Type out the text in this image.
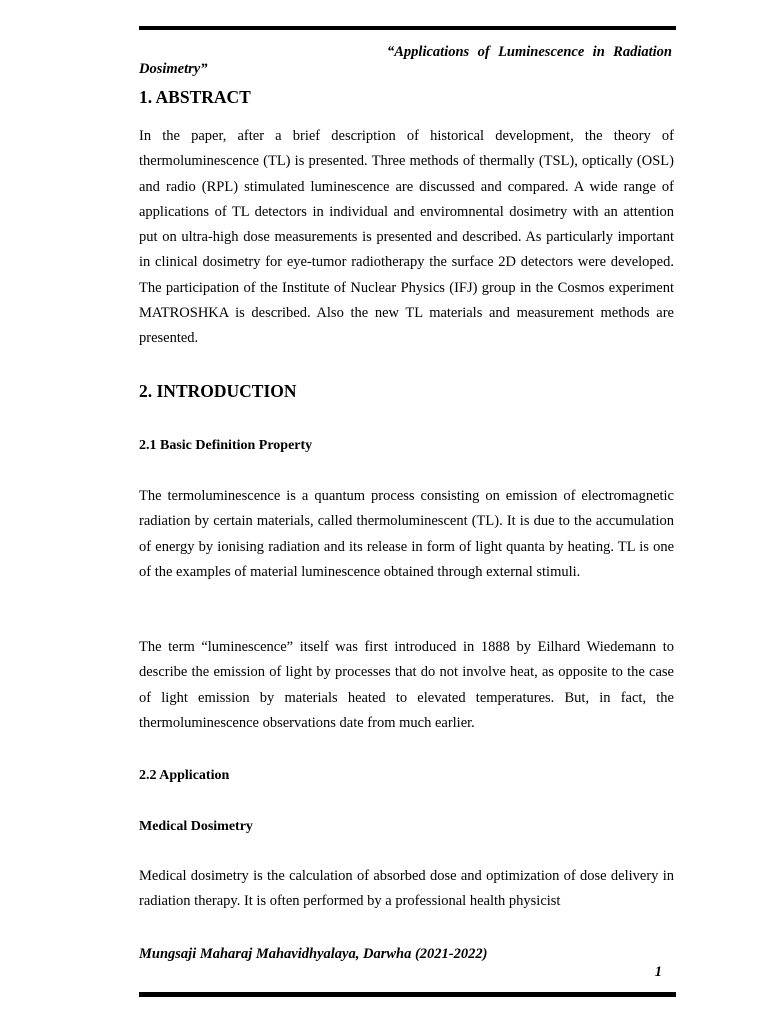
“Applications of Luminescence in Radiation Dosimetry”
1. ABSTRACT
In the paper, after a brief description of historical development, the theory of thermoluminescence (TL) is presented. Three methods of thermally (TSL), optically (OSL) and radio (RPL) stimulated luminescence are discussed and compared. A wide range of applications of TL detectors in individual and enviromnental dosimetry with an attention put on ultra-high dose measurements is presented and described. As particularly important in clinical dosimetry for eye-tumor radiotherapy the surface 2D detectors were developed. The participation of the Institute of Nuclear Physics (IFJ) group in the Cosmos experiment MATROSHKA is described. Also the new TL materials and measurement methods are presented.
2. INTRODUCTION
2.1 Basic Definition Property
The termoluminescence is a quantum process consisting on emission of electromagnetic radiation by certain materials, called thermoluminescent (TL). It is due to the accumulation of energy by ionising radiation and its release in form of light quanta by heating. TL is one of the examples of material luminescence obtained through external stimuli.
The term “luminescence” itself was first introduced in 1888 by Eilhard Wiedemann to describe the emission of light by processes that do not involve heat, as opposite to the case of light emission by materials heated to elevated temperatures. But, in fact, the thermoluminescence observations date from much earlier.
2.2 Application
Medical Dosimetry
Medical dosimetry is the calculation of absorbed dose and optimization of dose delivery in radiation therapy. It is often performed by a professional health physicist
Mungsaji Maharaj Mahavidhyalaya, Darwha (2021-2022)
1
